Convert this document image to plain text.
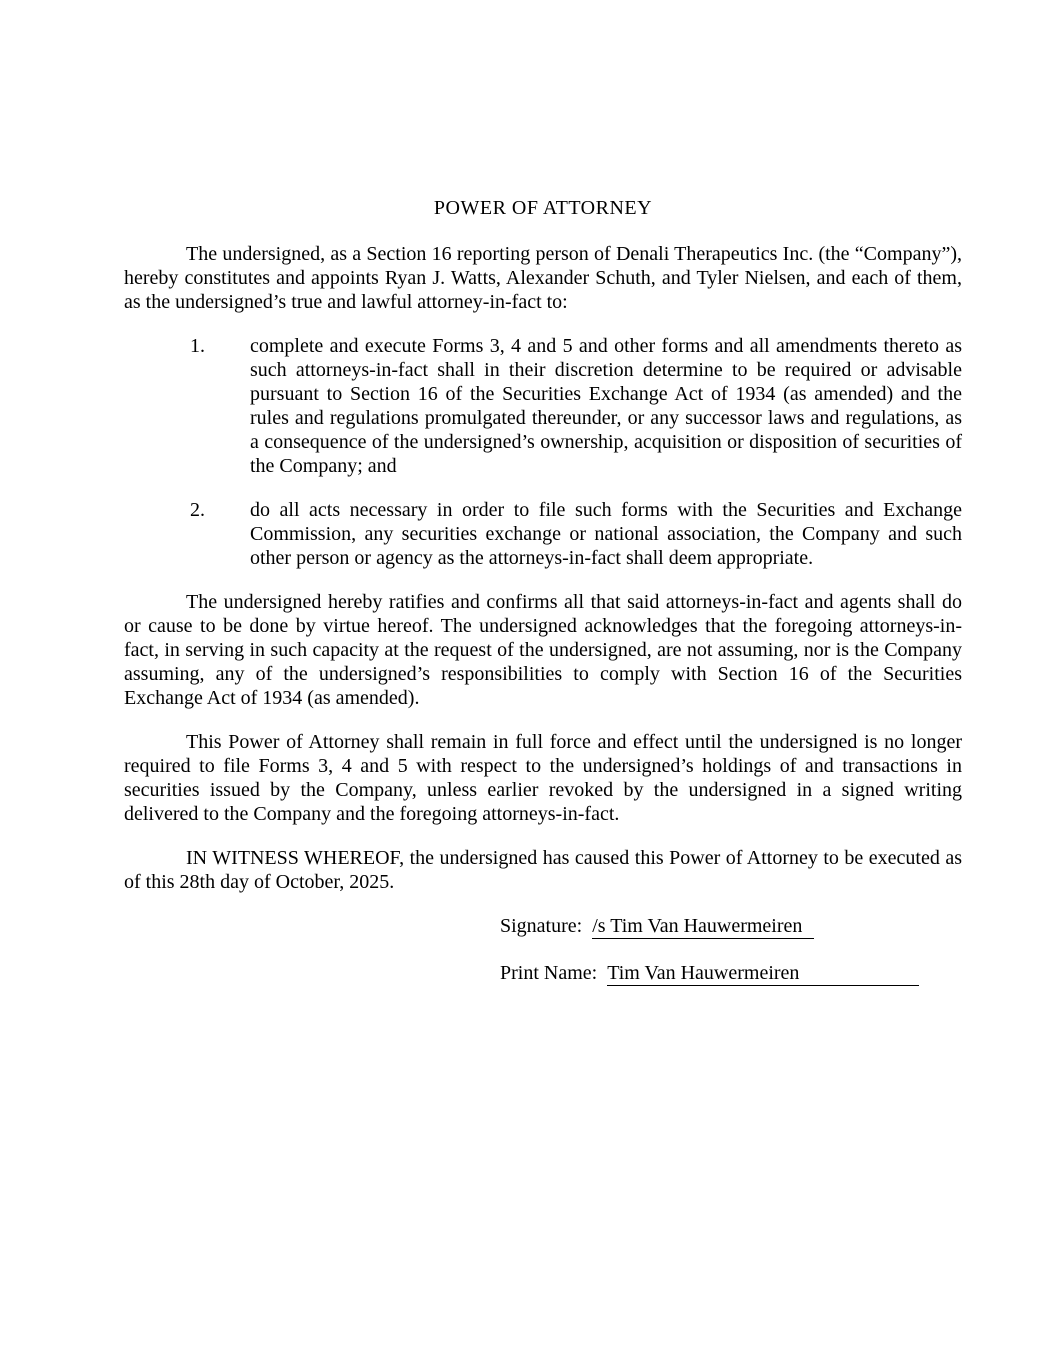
POWER OF ATTORNEY

The undersigned, as a Section 16 reporting person of Denali Therapeutics Inc. (the “Company”), hereby constitutes and appoints Ryan J. Watts, Alexander Schuth, and Tyler Nielsen, and each of them, as the undersigned’s true and lawful attorney-in-fact to:

1. complete and execute Forms 3, 4 and 5 and other forms and all amendments thereto as such attorneys-in-fact shall in their discretion determine to be required or advisable pursuant to Section 16 of the Securities Exchange Act of 1934 (as amended) and the rules and regulations promulgated thereunder, or any successor laws and regulations, as a consequence of the undersigned’s ownership, acquisition or disposition of securities of the Company; and
2. do all acts necessary in order to file such forms with the Securities and Exchange Commission, any securities exchange or national association, the Company and such other person or agency as the attorneys-in-fact shall deem appropriate.

The undersigned hereby ratifies and confirms all that said attorneys-in-fact and agents shall do or cause to be done by virtue hereof. The undersigned acknowledges that the foregoing attorneys-in-fact, in serving in such capacity at the request of the undersigned, are not assuming, nor is the Company assuming, any of the undersigned’s responsibilities to comply with Section 16 of the Securities Exchange Act of 1934 (as amended).

This Power of Attorney shall remain in full force and effect until the undersigned is no longer required to file Forms 3, 4 and 5 with respect to the undersigned’s holdings of and transactions in securities issued by the Company, unless earlier revoked by the undersigned in a signed writing delivered to the Company and the foregoing attorneys-in-fact.

IN WITNESS WHEREOF, the undersigned has caused this Power of Attorney to be executed as of this 28th day of October, 2025.

Signature: /s Tim Van Hauwermeiren
Print Name: Tim Van Hauwermeiren
